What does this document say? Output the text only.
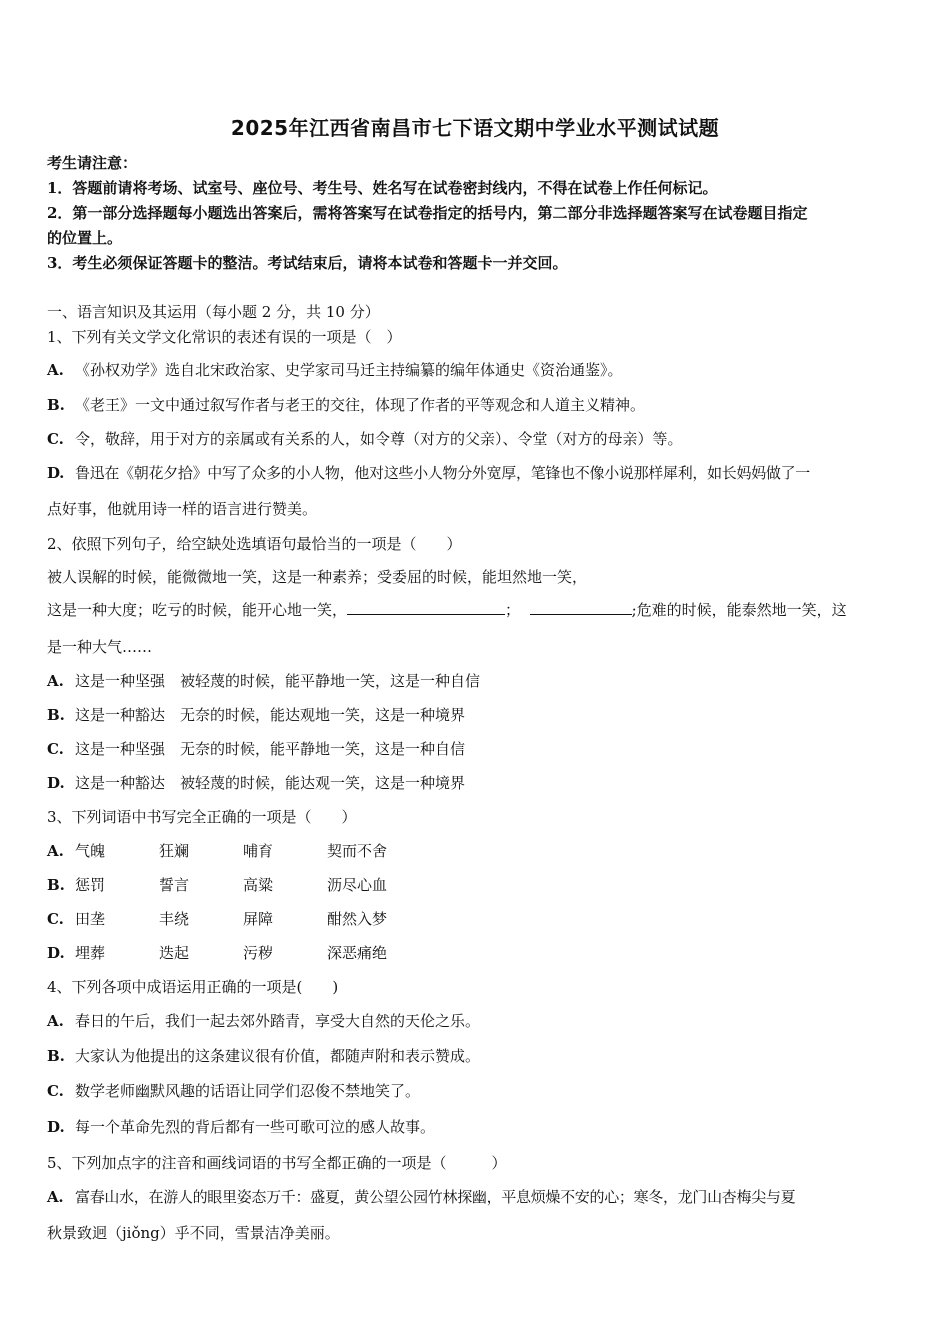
2025年江西省南昌市七下语文期中学业水平测试试题
考生请注意：
1．答题前请将考场、试室号、座位号、考生号、姓名写在试卷密封线内，不得在试卷上作任何标记。
2．第一部分选择题每小题选出答案后，需将答案写在试卷指定的括号内，第二部分非选择题答案写在试卷题目指定
的位置上。
3．考生必须保证答题卡的整洁。考试结束后，请将本试卷和答题卡一并交回。
一、语言知识及其运用（每小题 2 分，共 10 分）
1、下列有关文学文化常识的表述有误的一项是（　）
A. 《孙权劝学》选自北宋政治家、史学家司马迁主持编纂的编年体通史《资治通鉴》。
B. 《老王》一文中通过叙写作者与老王的交往，体现了作者的平等观念和人道主义精神。
C. 令，敬辞，用于对方的亲属或有关系的人，如令尊（对方的父亲）、令堂（对方的母亲）等。
D. 鲁迅在《朝花夕拾》中写了众多的小人物，他对这些小人物分外宽厚，笔锋也不像小说那样犀利，如长妈妈做了一
点好事，他就用诗一样的语言进行赞美。
2、依照下列句子，给空缺处选填语句最恰当的一项是（　　）
被人误解的时候，能微微地一笑，这是一种素养；受委屈的时候，能坦然地一笑，
这是一种大度；吃亏的时候，能开心地一笑，	；	;危难的时候，能泰然地一笑，这
是一种大气……
A. 这是一种坚强　被轻蔑的时候，能平静地一笑，这是一种自信
B. 这是一种豁达　无奈的时候，能达观地一笑，这是一种境界
C. 这是一种坚强　无奈的时候，能平静地一笑，这是一种自信
D. 这是一种豁达　被轻蔑的时候，能达观一笑，这是一种境界
3、下列词语中书写完全正确的一项是（　　）
A. 气魄	狂斓	哺育	契而不舍
B. 惩罚	誓言	高粱	沥尽心血
C. 田垄	丰绕	屏障	酣然入梦
D. 埋葬	迭起	污秽	深恶痛绝
4、下列各项中成语运用正确的一项是(　　)
A. 春日的午后，我们一起去郊外踏青，享受大自然的天伦之乐。
B. 大家认为他提出的这条建议很有价值，都随声附和表示赞成。
C. 数学老师幽默风趣的话语让同学们忍俊不禁地笑了。
D. 每一个革命先烈的背后都有一些可歌可泣的感人故事。
5、下列加点字的注音和画线词语的书写全都正确的一项是（　　　）
A. 富春山水，在游人的眼里姿态万千：盛夏，黄公望公园竹林探幽，平息烦燥不安的心；寒冬，龙门山杏梅尖与夏
秋景致迥（jiǒng）乎不同，雪景洁净美丽。
